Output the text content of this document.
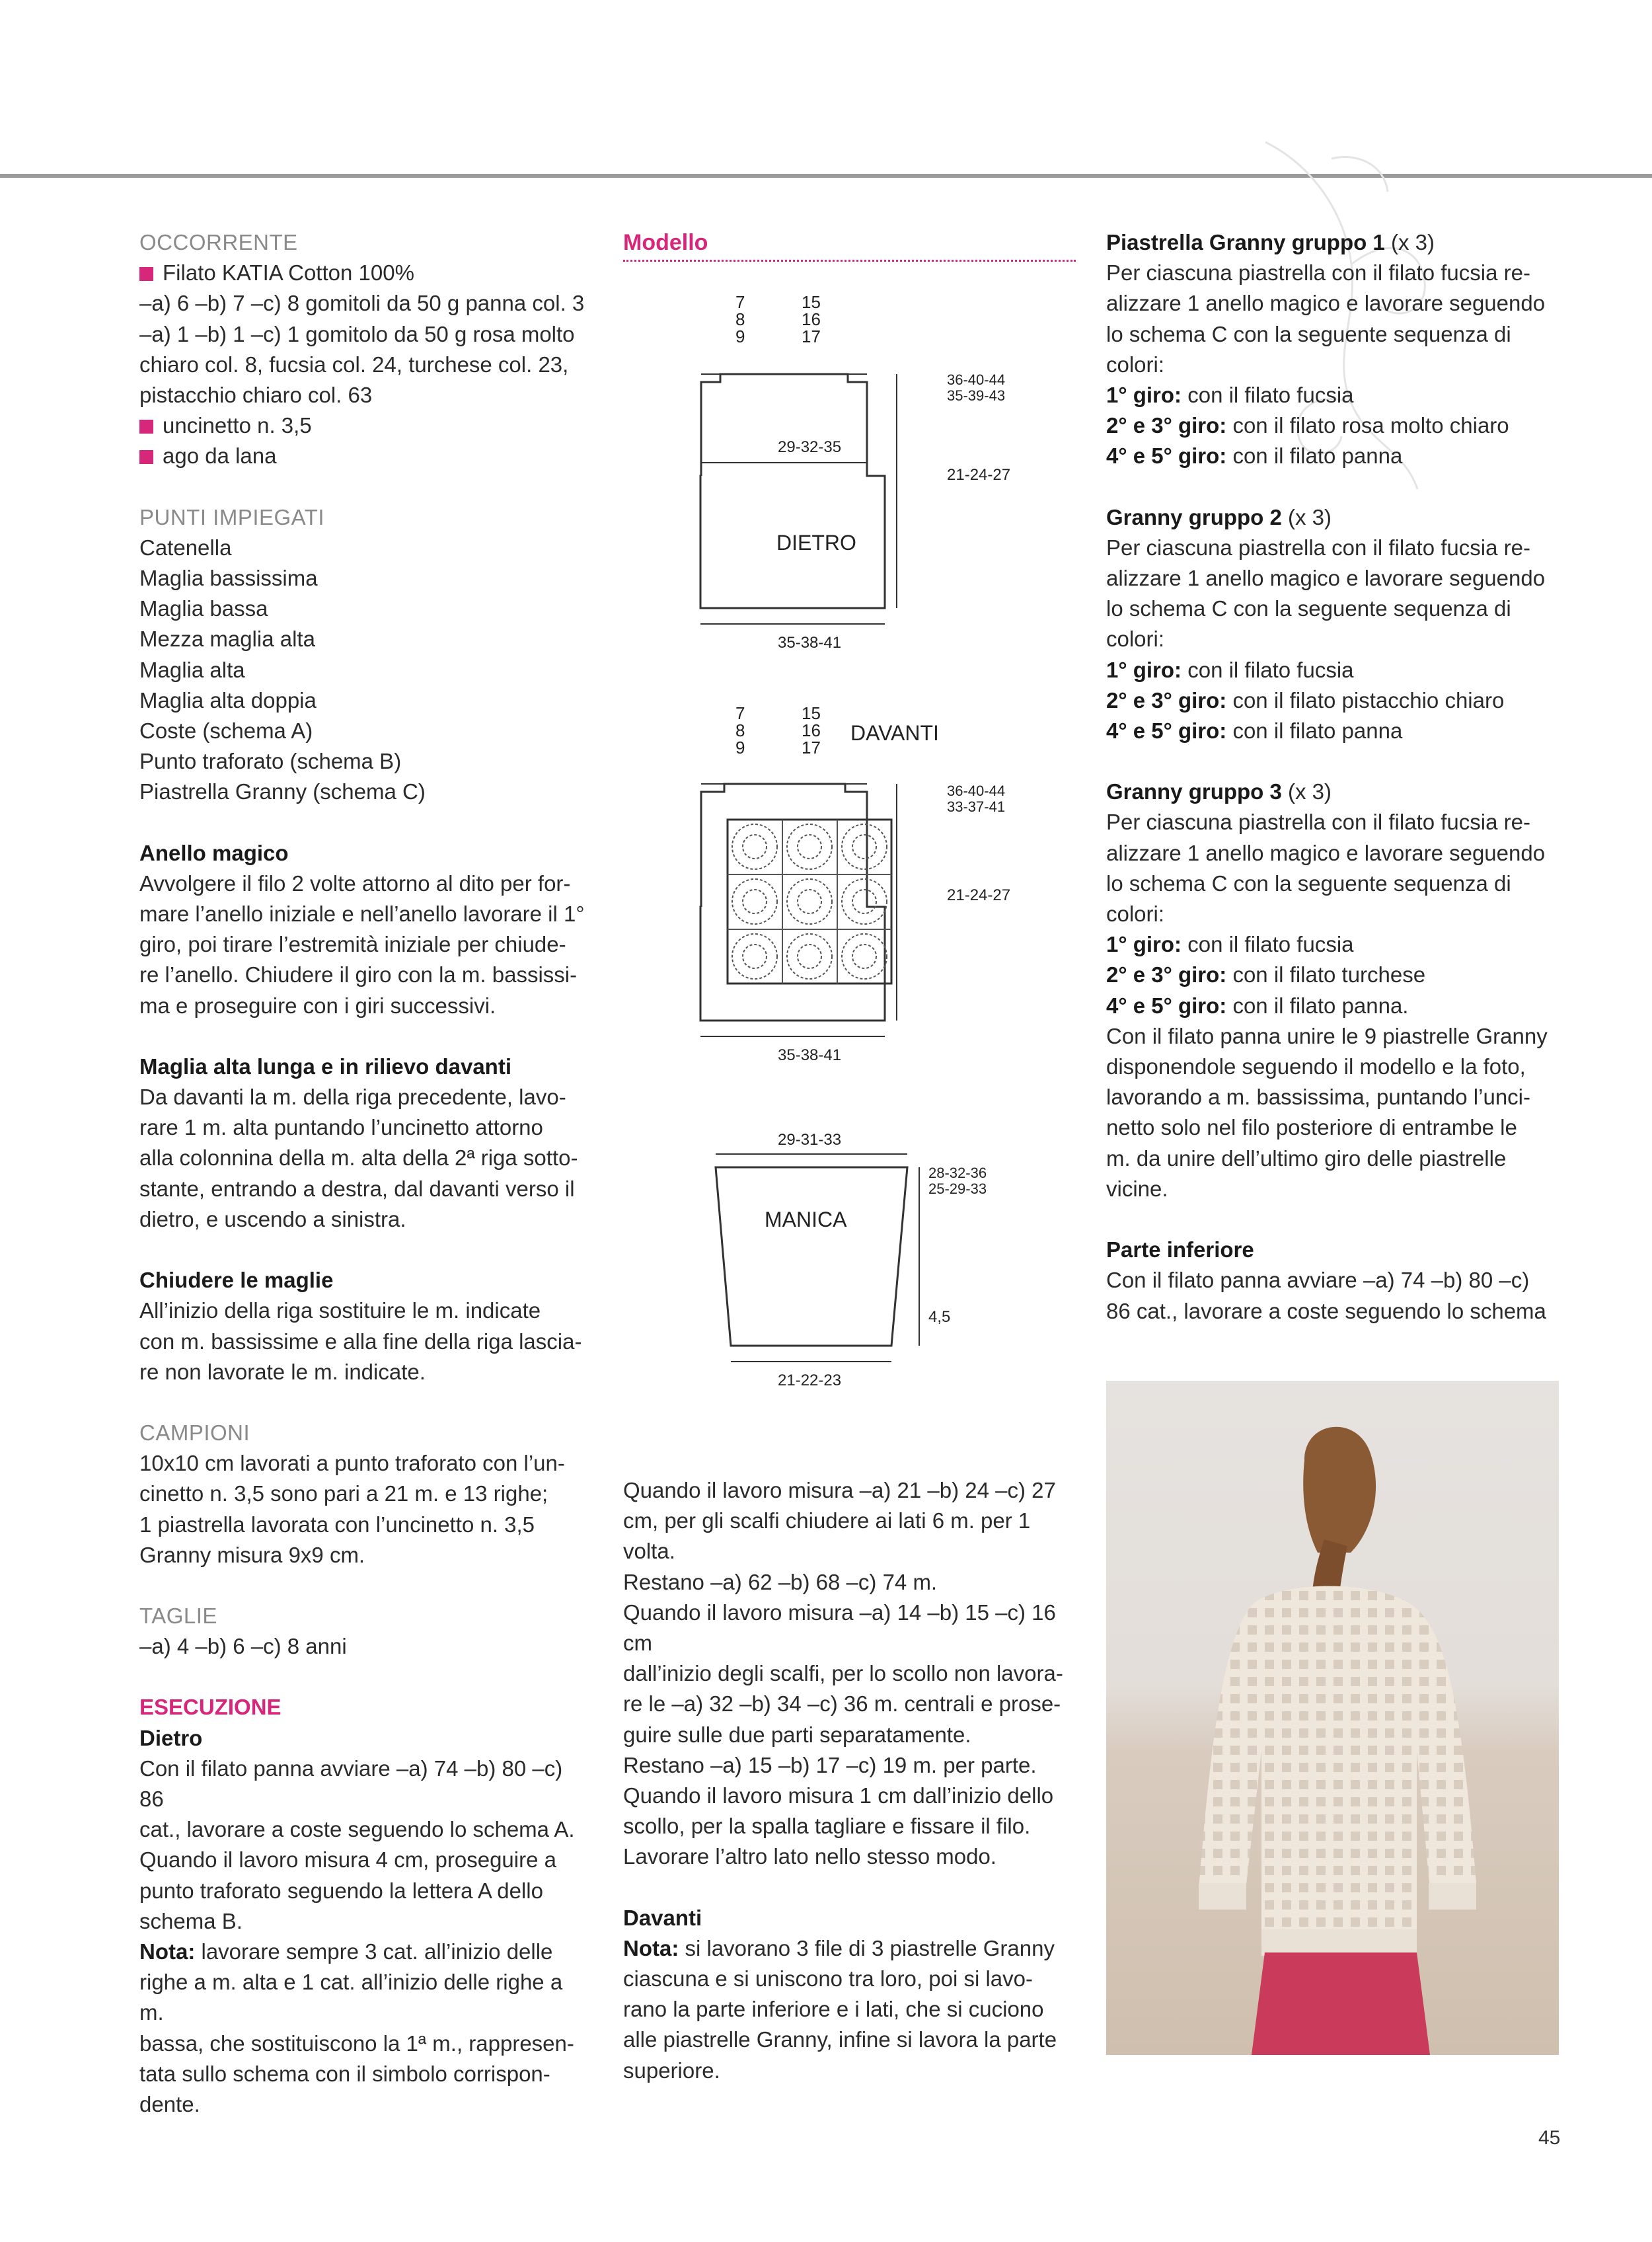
OCCORRENTE

Filato KATIA Cotton 100%

–a) 6 –b) 7 –c) 8 gomitoli da 50 g panna col. 3

–a) 1 –b) 1 –c) 1 gomitolo da 50 g rosa molto

chiaro col. 8, fucsia col. 24, turchese col. 23,

pistacchio chiaro col. 63

uncinetto n. 3,5
ago da lana

PUNTI IMPIEGATI

Catenella

Maglia bassissima

Maglia bassa

Mezza maglia alta

Maglia alta

Maglia alta doppia

Coste (schema A)

Punto traforato (schema B)

Piastrella Granny (schema C)

Anello magico

Avvolgere il filo 2 volte attorno al dito per for-

mare l’anello iniziale e nell’anello lavorare il 1°

giro, poi tirare l’estremità iniziale per chiude-

re l’anello. Chiudere il giro con la m. bassissi-

ma e proseguire con i giri successivi.

Maglia alta lunga e in rilievo davanti

Da davanti la m. della riga precedente, lavo-

rare 1 m. alta puntando l’uncinetto attorno

alla colonnina della m. alta della 2ª riga sotto-

stante, entrando a destra, dal davanti verso il

dietro, e uscendo a sinistra.

Chiudere le maglie

All’inizio della riga sostituire le m. indicate

con m. bassissime e alla fine della riga lascia-

re non lavorate le m. indicate.

CAMPIONI

10x10 cm lavorati a punto traforato con l’un-

cinetto n. 3,5 sono pari a 21 m. e 13 righe;

1 piastrella lavorata con l’uncinetto n. 3,5

Granny misura 9x9 cm.

TAGLIE

–a) 4 –b) 6 –c) 8 anni

ESECUZIONE

Dietro

Con il filato panna avviare –a) 74 –b) 80 –c) 86

cat., lavorare a coste seguendo lo schema A.

Quando il lavoro misura 4 cm, proseguire a

punto traforato seguendo la lettera A dello

schema B.

Nota: lavorare sempre 3 cat. all’inizio delle

righe a m. alta e 1 cat. all’inizio delle righe a m.

bassa, che sostituiscono la 1ª m., rappresen-

tata sullo schema con il simbolo corrispon-

dente.

Modello
DIETRO
7
8
9
15
16
17
36-40-44
35-39-43
29-32-35
21-24-27
35-38-41
DAVANTI
7
8
9
15
16
17
36-40-44
33-37-41
21-24-27
35-38-41
MANICA
29-31-33
28-32-36
25-29-33
4,5
21-22-23

Quando il lavoro misura –a) 21 –b) 24 –c) 27

cm, per gli scalfi chiudere ai lati 6 m. per 1

volta.

Restano –a) 62 –b) 68 –c) 74 m.

Quando il lavoro misura –a) 14 –b) 15 –c) 16 cm

dall’inizio degli scalfi, per lo scollo non lavora-

re le –a) 32 –b) 34 –c) 36 m. centrali e prose-

guire sulle due parti separatamente.

Restano –a) 15 –b) 17 –c) 19 m. per parte.

Quando il lavoro misura 1 cm dall’inizio dello

scollo, per la spalla tagliare e fissare il filo.

Lavorare l’altro lato nello stesso modo.

Davanti

Nota: si lavorano 3 file di 3 piastrelle Granny

ciascuna e si uniscono tra loro, poi si lavo-

rano la parte inferiore e i lati, che si cuciono

alle piastrelle Granny, infine si lavora la parte

superiore.

Piastrella Granny gruppo 1 (x 3)

Per ciascuna piastrella con il filato fucsia re-

alizzare 1 anello magico e lavorare seguendo

lo schema C con la seguente sequenza di

colori:

1° giro: con il filato fucsia

2° e 3° giro: con il filato rosa molto chiaro

4° e 5° giro: con il filato panna

Granny gruppo 2 (x 3)

Per ciascuna piastrella con il filato fucsia re-

alizzare 1 anello magico e lavorare seguendo

lo schema C con la seguente sequenza di

colori:

1° giro: con il filato fucsia

2° e 3° giro: con il filato pistacchio chiaro

4° e 5° giro: con il filato panna

Granny gruppo 3 (x 3)

Per ciascuna piastrella con il filato fucsia re-

alizzare 1 anello magico e lavorare seguendo

lo schema C con la seguente sequenza di

colori:

1° giro: con il filato fucsia

2° e 3° giro: con il filato turchese

4° e 5° giro: con il filato panna.

Con il filato panna unire le 9 piastrelle Granny

disponendole seguendo il modello e la foto,

lavorando a m. bassissima, puntando l’unci-

netto solo nel filo posteriore di entrambe le

m. da unire dell’ultimo giro delle piastrelle

vicine.

Parte inferiore

Con il filato panna avviare –a) 74 –b) 80 –c)

86 cat., lavorare a coste seguendo lo schema

45
